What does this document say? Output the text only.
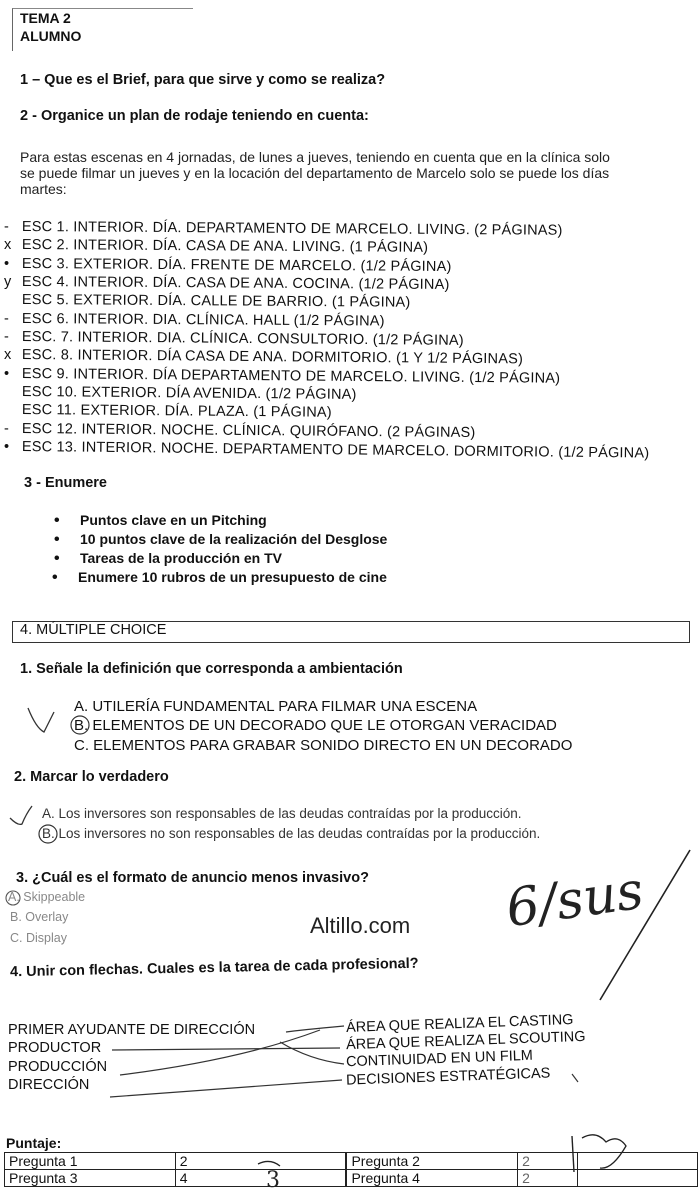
TEMA 2
ALUMNO
1 – Que es el Brief, para que sirve y como se realiza?
2 - Organice un plan de rodaje teniendo en cuenta:
Para estas escenas en 4 jornadas, de lunes a jueves, teniendo en cuenta que en la clínica solo
se puede filmar un jueves y en la locación del departamento de Marcelo solo se puede los días
martes:
- ESC 1. INTERIOR. DÍA. DEPARTAMENTO DE MARCELO. LIVING. (2 PÁGINAS)
x ESC 2. INTERIOR. DÍA. CASA DE ANA. LIVING. (1 PÁGINA)
• ESC 3. EXTERIOR. DÍA. FRENTE DE MARCELO. (1/2 PÁGINA)
y ESC 4. INTERIOR. DÍA. CASA DE ANA. COCINA. (1/2 PÁGINA)
ESC 5. EXTERIOR. DÍA. CALLE DE BARRIO. (1 PÁGINA)
- ESC 6. INTERIOR. DIA. CLÍNICA. HALL (1/2 PÁGINA)
- ESC. 7. INTERIOR. DIA. CLÍNICA. CONSULTORIO. (1/2 PÁGINA)
x ESC. 8. INTERIOR. DÍA CASA DE ANA. DORMITORIO. (1 Y 1/2 PÁGINAS)
• ESC 9. INTERIOR. DÍA DEPARTAMENTO DE MARCELO. LIVING. (1/2 PÁGINA)
ESC 10. EXTERIOR. DÍA AVENIDA. (1/2 PÁGINA)
ESC 11. EXTERIOR. DÍA. PLAZA. (1 PÁGINA)
- ESC 12. INTERIOR. NOCHE. CLÍNICA. QUIRÓFANO. (2 PÁGINAS)
• ESC 13. INTERIOR. NOCHE. DEPARTAMENTO DE MARCELO. DORMITORIO. (1/2 PÁGINA)
3 - Enumere
• Puntos clave en un Pitching
• 10 puntos clave de la realización del Desglose
• Tareas de la producción en TV
• Enumere 10 rubros de un presupuesto de cine
4. MÚLTIPLE CHOICE
1. Señale la definición que corresponda a ambientación
A. UTILERÍA FUNDAMENTAL PARA FILMAR UNA ESCENA
B. ELEMENTOS DE UN DECORADO QUE LE OTORGAN VERACIDAD
C. ELEMENTOS PARA GRABAR SONIDO DIRECTO EN UN DECORADO
2. Marcar lo verdadero
A. Los inversores son responsables de las deudas contraídas por la producción.
B. Los inversores no son responsables de las deudas contraídas por la producción.
3. ¿Cuál es el formato de anuncio menos invasivo?
A. Skippeable
B. Overlay
C. Display	Altillo.com 6/sus
4. Unir con flechas. Cuales es la tarea de cada profesional?
PRIMER AYUDANTE DE DIRECCIÓN
PRODUCTOR
PRODUCCIÓN
DIRECCIÓN
ÁREA QUE REALIZA EL CASTING
ÁREA QUE REALIZA EL SCOUTING
CONTINUIDAD EN UN FILM
DECISIONES ESTRATÉGICAS
Puntaje:
Pregunta 1	2		Pregunta 2	2	
Pregunta 3	4		Pregunta 4	2	
3
